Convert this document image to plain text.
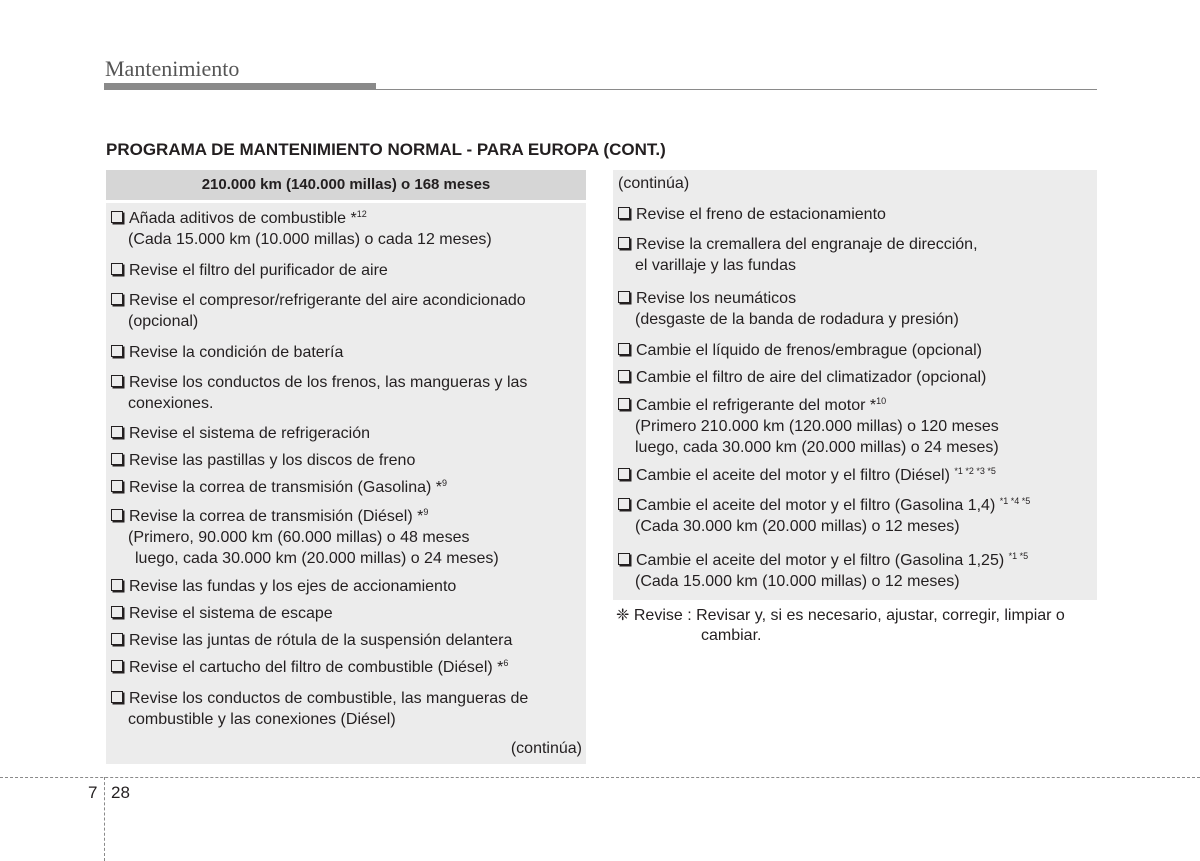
Mantenimiento
PROGRAMA DE MANTENIMIENTO NORMAL - PARA EUROPA (CONT.)
210.000 km (140.000 millas) o 168 meses
Añada aditivos de combustible *$^{12}$
(Cada 15.000 km (10.000 millas) o cada 12 meses)
Revise el filtro del purificador de aire
Revise el compresor/refrigerante del aire acondicionado
(opcional)
Revise la condición de batería
Revise los conductos de los frenos, las mangueras y las
conexiones.
Revise el sistema de refrigeración
Revise las pastillas y los discos de freno
Revise la correa de transmisión (Gasolina) *$^9$
Revise la correa de transmisión (Diésel) *$^9$
(Primero, 90.000 km (60.000 millas) o 48 meses
luego, cada 30.000 km (20.000 millas) o 24 meses)
Revise las fundas y los ejes de accionamiento
Revise el sistema de escape
Revise las juntas de rótula de la suspensión delantera
Revise el cartucho del filtro de combustible (Diésel) *$^6$
Revise los conductos de combustible, las mangueras de
combustible y las conexiones (Diésel)
(continúa)
(continúa)
Revise el freno de estacionamiento
Revise la cremallera del engranaje de dirección,
el varillaje y las fundas
Revise los neumáticos
(desgaste de la banda de rodadura y presión)
Cambie el líquido de frenos/embrague (opcional)
Cambie el filtro de aire del climatizador (opcional)
Cambie el refrigerante del motor *$^{10}$
(Primero 210.000 km (120.000 millas) o 120 meses
luego, cada 30.000 km (20.000 millas) o 24 meses)
Cambie el aceite del motor y el filtro (Diésel) $^{*1 *2 *3 *5}$
Cambie el aceite del motor y el filtro (Gasolina 1,4) $^{*1 *4 *5}$
(Cada 30.000 km (20.000 millas) o 12 meses)
Cambie el aceite del motor y el filtro (Gasolina 1,25) $^{*1 *5}$
(Cada 15.000 km (10.000 millas) o 12 meses)
❈ Revise : Revisar y, si es necesario, ajustar, corregir, limpiar o
cambiar.
7 28
